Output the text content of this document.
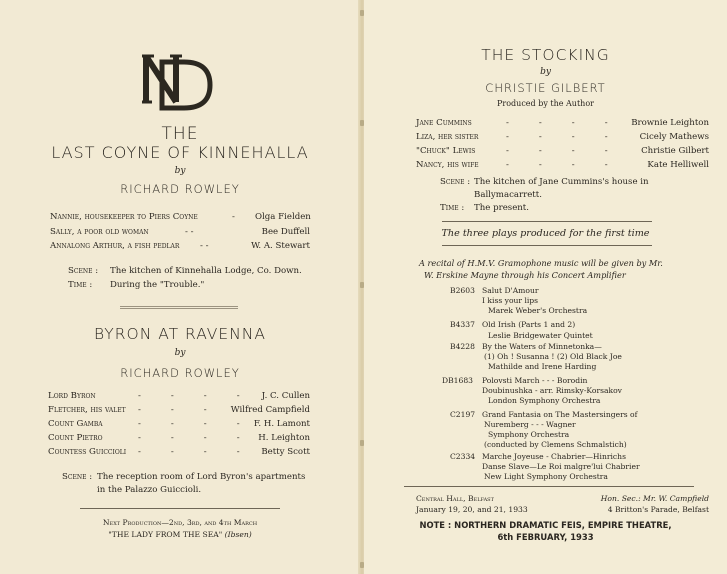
THE
LAST COYNE OF KINNEHALLA
by
RICHARD ROWLEY
Nannie, housekeeper to Piers Coyne	- Olga Fielden
Sally, a poor old woman	- -	Bee Duffell
Annalong Arthur, a fish pedlar - -	W. A. Stewart
Scene : The kitchen of Kinnehalla Lodge, Co. Down.
Time : During the "Trouble."
BYRON AT RAVENNA
by
RICHARD ROWLEY
Lord Byron	J. C. Cullen
Fletcher, his valet	Wilfred Campfield
Count Gamba	F. H. Lamont
Count Pietro	H. Leighton
Countess Guiccioli	Betty Scott
----
---
----
----
----
Scene : The reception room of Lord Byron's apartments
in the Palazzo Guiccioli.
Next Production—2nd, 3rd, and 4th March
"THE LADY FROM THE SEA" (Ibsen)
THE STOCKING
by
CHRISTIE GILBERT
Produced by the Author
Jane Cummins	Brownie Leighton
Liza, her sister	Cicely Mathews
"Chuck" Lewis	Christie Gilbert
Nancy, his wife	Kate Helliwell
----
----
----
----
Scene : The kitchen of Jane Cummins's house in
Ballymacarrett.
Time : The present.
The three plays produced for the first time
A recital of H.M.V. Gramophone music will be given by Mr.
W. Erskine Mayne through his Concert Amplifier
B2603 Salut D'Amour
I kiss your lips
Marek Weber's Orchestra
B4337 Old Irish (Parts 1 and 2)
Leslie Bridgewater Quintet
B4228 By the Waters of Minnetonka—
(1) Oh ! Susanna ! (2) Old Black Joe
Mathilde and Irene Harding
DB1683 Polovsti March - - - Borodin
Doubinushka - arr. Rimsky-Korsakov
London Symphony Orchestra
C2197 Grand Fantasia on The Mastersingers of
Nuremberg - - - Wagner
Symphony Orchestra
(conducted by Clemens Schmalstich)
C2334 Marche Joyeuse - Chabrier—Hinrichs
Danse Slave—Le Roi malgre'lui Chabrier
New Light Symphony Orchestra
Central Hall, Belfast
January 19, 20, and 21, 1933
Hon. Sec.: Mr. W. Campfield
4 Britton's Parade, Belfast
NOTE : NORTHERN DRAMATIC FEIS, EMPIRE THEATRE,
6th FEBRUARY, 1933
